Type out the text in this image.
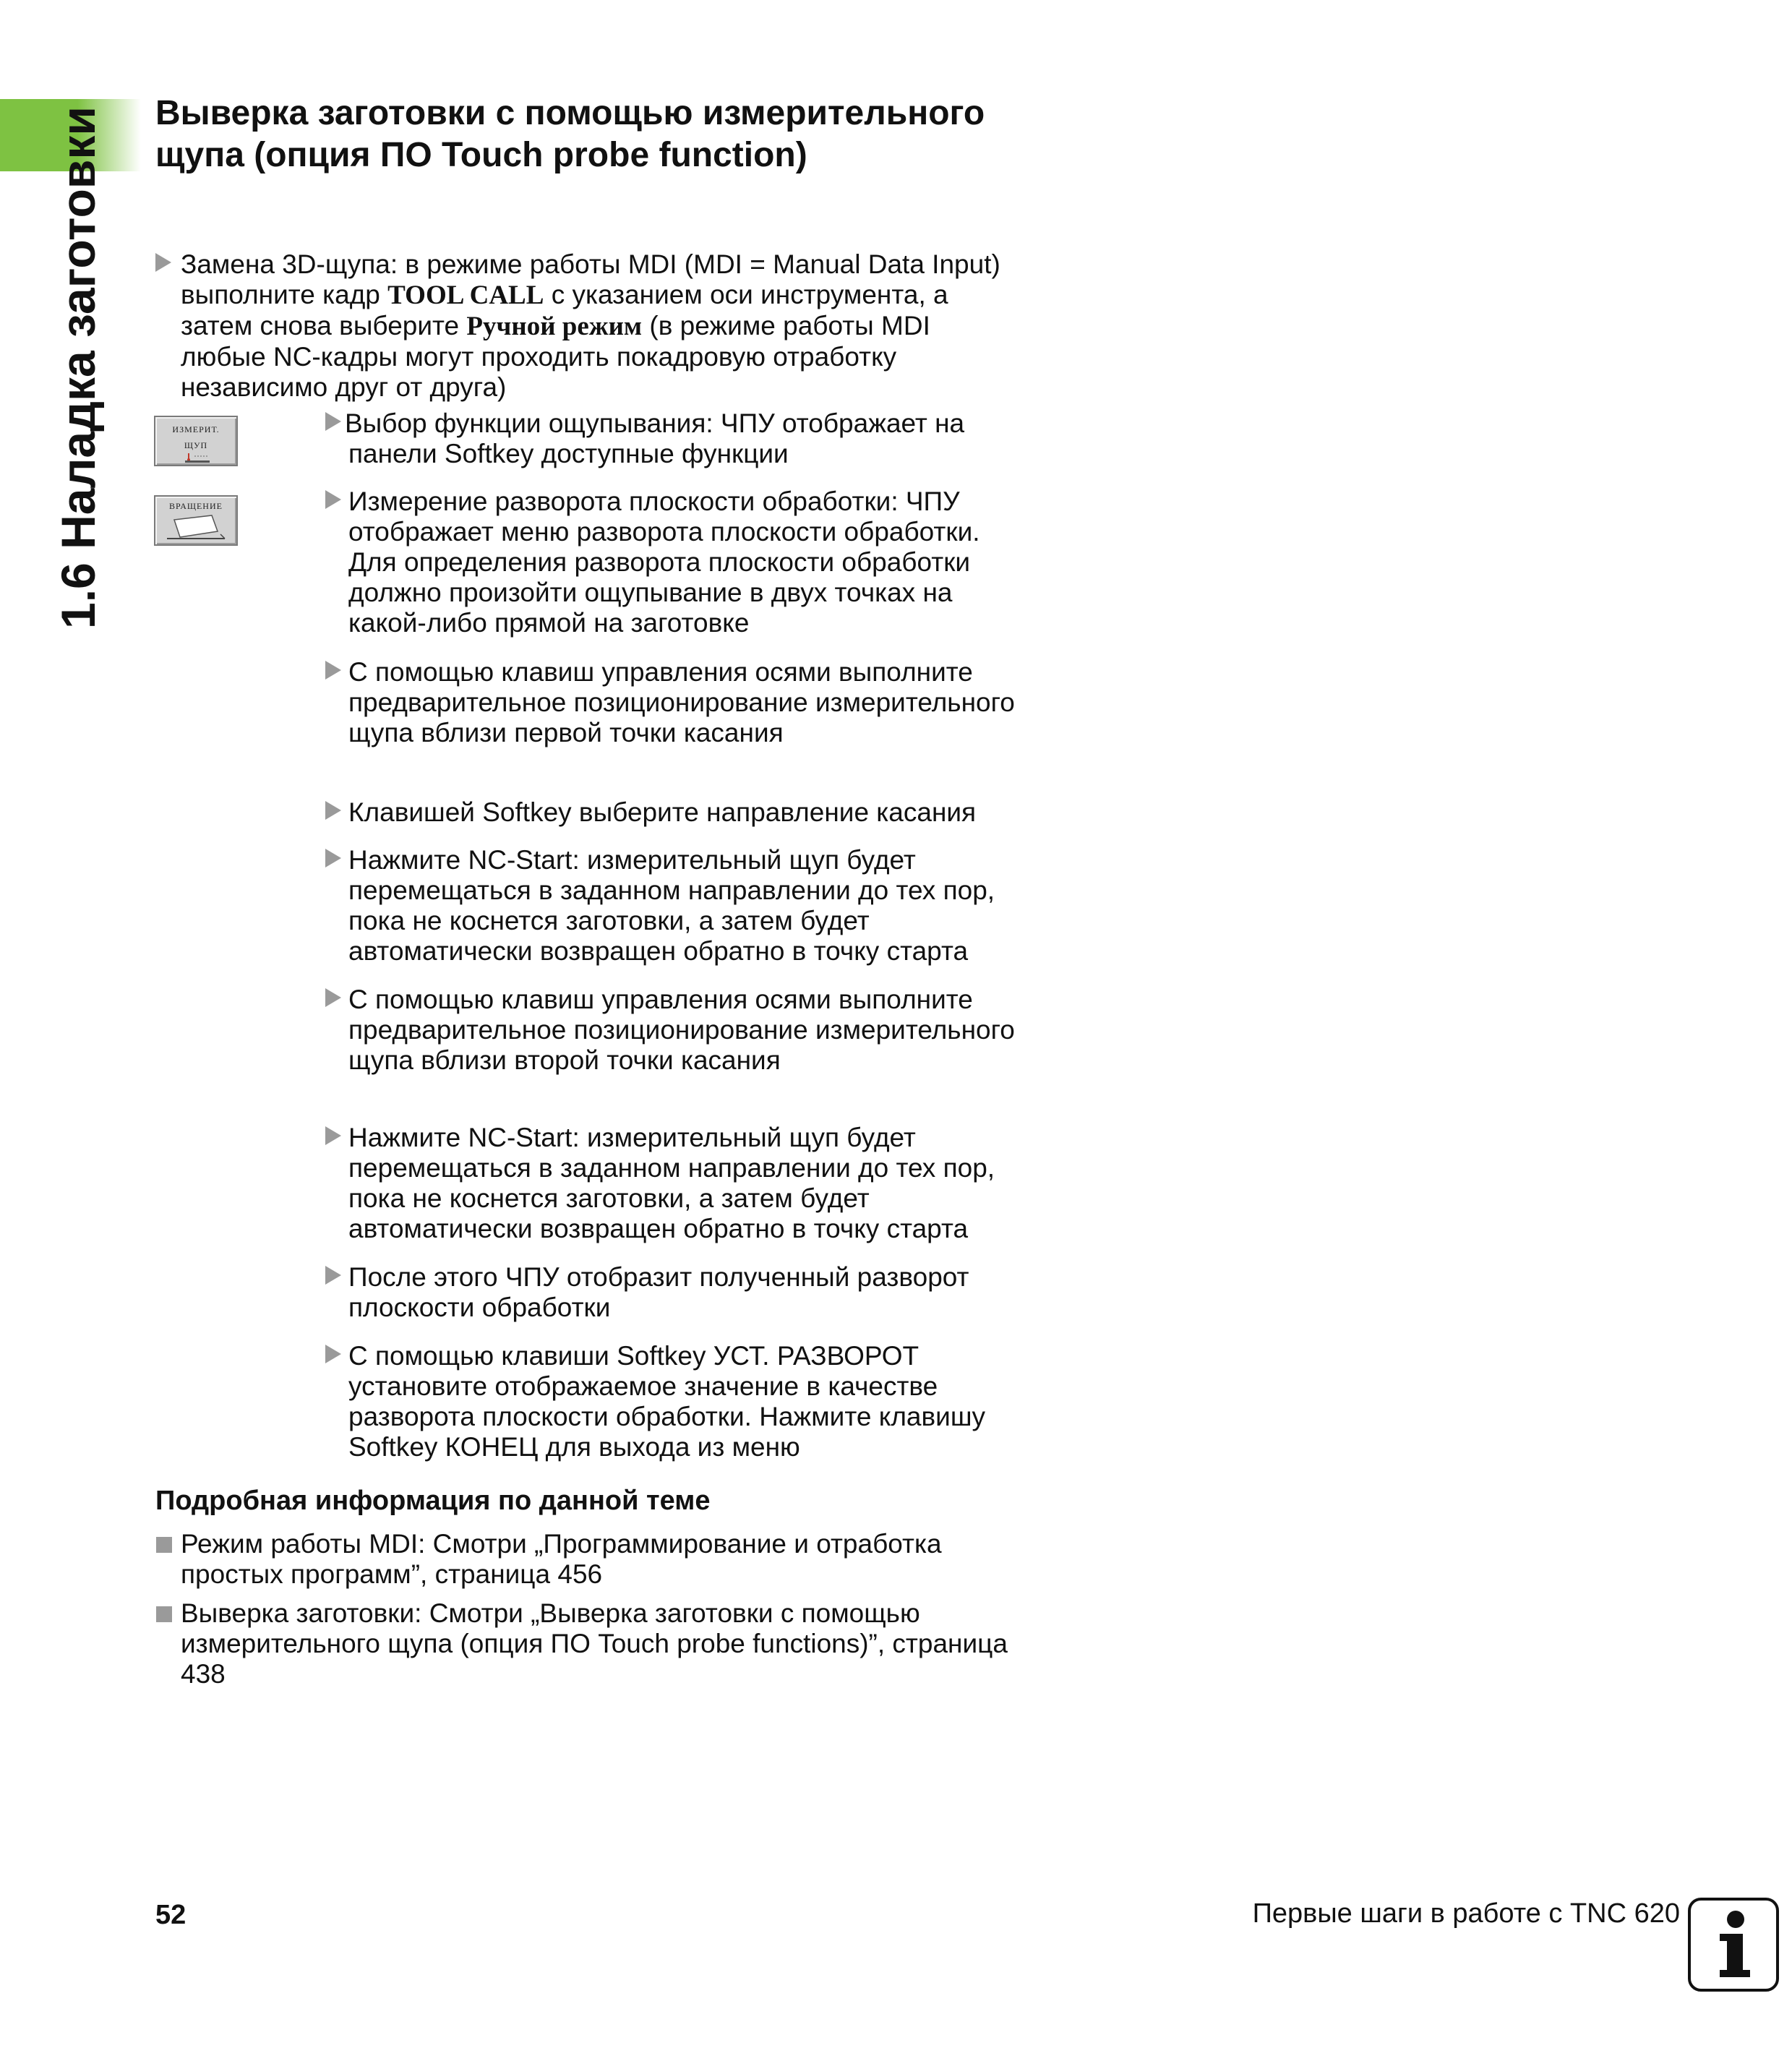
1.6 Наладка заготовки Выверка заготовки с помощью измерительного щупа (опция ПО Touch probe function)
Замена 3D-щупа: в режиме работы MDI (MDI = Manual Data Input) выполните кадр TOOL CALL с указанием оси инструмента, а затем снова выберите Ручной режим (в режиме работы MDI любые NC-кадры могут проходить покадровую отработку независимо друг от друга)
ИЗМЕРИТ. ЩУП
ВРАЩЕНИЕ
Выбор функции ощупывания: ЧПУ отображает на панели Softkey доступные функции
Измерение разворота плоскости обработки: ЧПУ отображает меню разворота плоскости обработки. Для определения разворота плоскости обработки должно произойти ощупывание в двух точках на какой-либо прямой на заготовке
С помощью клавиш управления осями выполните предварительное позиционирование измерительного щупа вблизи первой точки касания
Клавишей Softkey выберите направление касания
Нажмите NC-Start: измерительный щуп будет перемещаться в заданном направлении до тех пор, пока не коснется заготовки, а затем будет автоматически возвращен обратно в точку старта
С помощью клавиш управления осями выполните предварительное позиционирование измерительного щупа вблизи второй точки касания
Нажмите NC-Start: измерительный щуп будет перемещаться в заданном направлении до тех пор, пока не коснется заготовки, а затем будет автоматически возвращен обратно в точку старта
После этого ЧПУ отобразит полученный разворот плоскости обработки
С помощью клавиши Softkey УСТ. РАЗВОРОТ установите отображаемое значение в качестве разворота плоскости обработки. Нажмите клавишу Softkey КОНЕЦ для выхода из меню
Подробная информация по данной теме
Режим работы MDI: Смотри „Программирование и отработка простых программ”, страница 456
Выверка заготовки: Смотри „Выверка заготовки с помощью измерительного щупа (опция ПО Touch probe functions)”, страница 438
52	Первые шаги в работе с TNC 620
